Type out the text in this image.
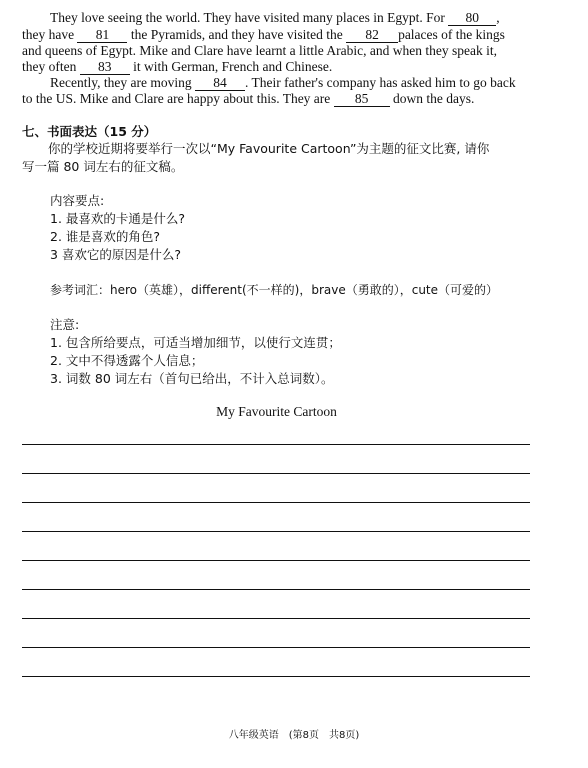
They love seeing the world. They have visited many places in Egypt. For 80 ,
they have 81 the Pyramids, and they have visited the 82 palaces of the kings
and queens of Egypt. Mike and Clare have learnt a little Arabic, and when they speak it,
they often 83 it with German, French and Chinese.
Recently, they are moving 84 . Their father's company has asked him to go back
to the US. Mike and Clare are happy about this. They are 85 down the days.
七、书面表达（15 分）
你的学校近期将要举行一次以“My Favourite Cartoon”为主题的征文比赛, 请你
写一篇 80 词左右的征文稿。
内容要点:
1. 最喜欢的卡通是什么?
2. 谁是喜欢的角色?
3 喜欢它的原因是什么?
参考词汇：hero（英雄），different(不一样的)，brave（勇敢的），cute（可爱的）
注意:
1. 包含所给要点，可适当增加细节，以使行文连贯；
2. 文中不得透露个人信息；
3. 词数 80 词左右（首句已给出，不计入总词数）。
My Favourite Cartoon
八年级英语　(第8页　共8页)
